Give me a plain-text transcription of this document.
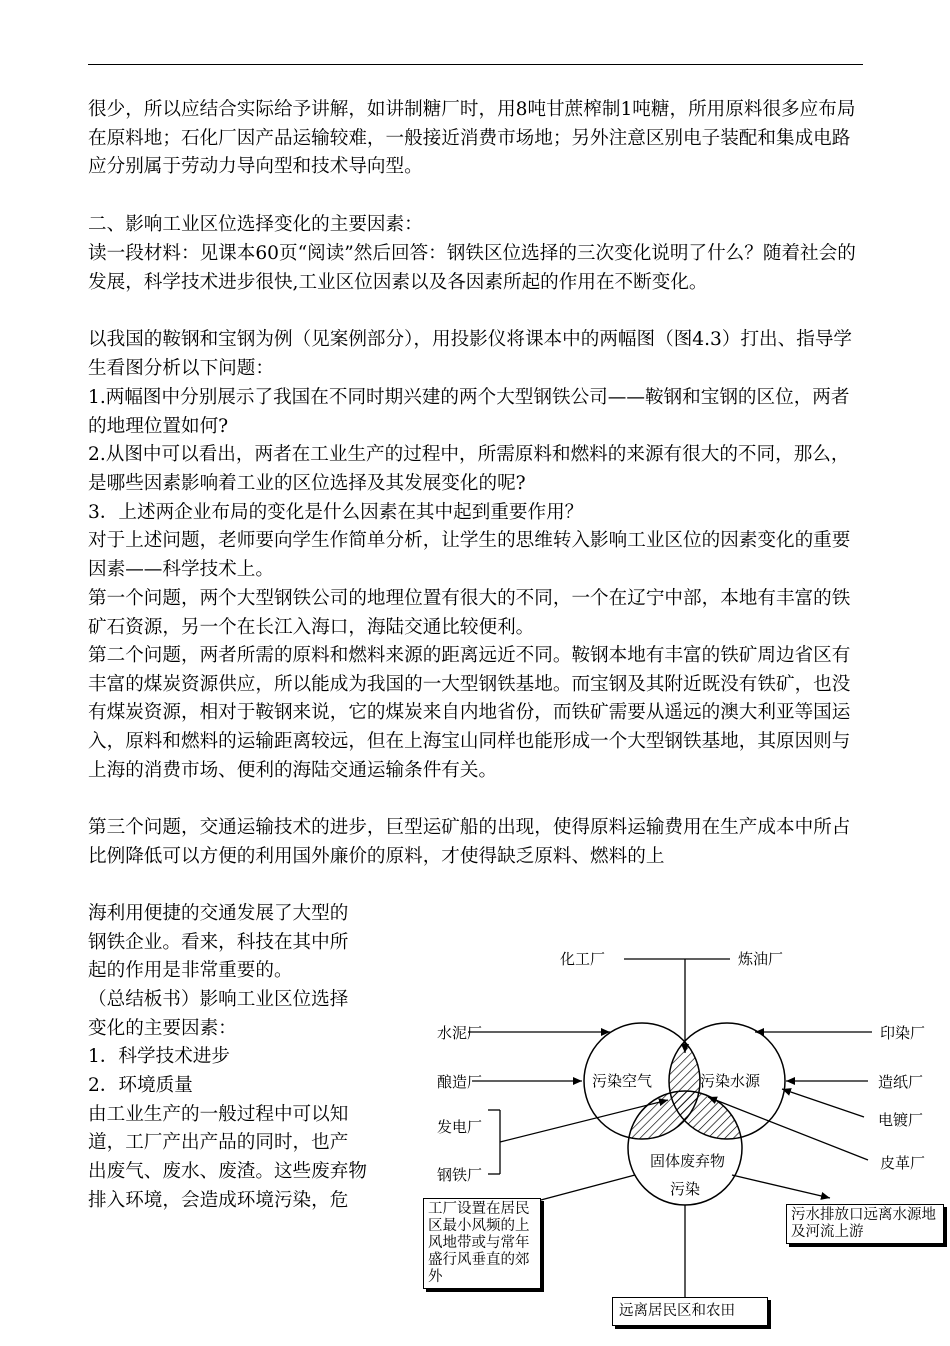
很少，所以应结合实际给予讲解，如讲制糖厂时，用8吨甘蔗榨制1吨糖，所用原料很多应布局在原料地；石化厂因产品运输较难，一般接近消费市场地；另外注意区别电子装配和集成电路应分别属于劳动力导向型和技术导向型。

二、影响工业区位选择变化的主要因素：

读一段材料：见课本60页“阅读”然后回答：钢铁区位选择的三次变化说明了什么？随着社会的发展，科学技术进步很快,工业区位因素以及各因素所起的作用在不断变化。

以我国的鞍钢和宝钢为例（见案例部分），用投影仪将课本中的两幅图（图4.3）打出、指导学生看图分析以下问题：

1.两幅图中分别展示了我国在不同时期兴建的两个大型钢铁公司——鞍钢和宝钢的区位，两者的地理位置如何?

2.从图中可以看出，两者在工业生产的过程中，所需原料和燃料的来源有很大的不同，那么，是哪些因素影响着工业的区位选择及其发展变化的呢?

3．上述两企业布局的变化是什么因素在其中起到重要作用？

对于上述问题，老师要向学生作简单分析，让学生的思维转入影响工业区位的因素变化的重要因素——科学技术上。

第一个问题，两个大型钢铁公司的地理位置有很大的不同，一个在辽宁中部，本地有丰富的铁矿石资源，另一个在长江入海口，海陆交通比较便利。

第二个问题，两者所需的原料和燃料来源的距离远近不同。鞍钢本地有丰富的铁矿周边省区有丰富的煤炭资源供应，所以能成为我国的一大型钢铁基地。而宝钢及其附近既没有铁矿，也没有煤炭资源，相对于鞍钢来说，它的煤炭来自内地省份，而铁矿需要从遥远的澳大利亚等国运入，原料和燃料的运输距离较远，但在上海宝山同样也能形成一个大型钢铁基地，其原因则与上海的消费市场、便利的海陆交通运输条件有关。

第三个问题，交通运输技术的进步，巨型运矿船的出现，使得原料运输费用在生产成本中所占比例降低可以方便的利用国外廉价的原料，才使得缺乏原料、燃料的上

海利用便捷的交通发展了大型的

钢铁企业。看来，科技在其中所

起的作用是非常重要的。

（总结板书）影响工业区位选择

变化的主要因素：

1．科学技术进步

2．环境质量

由工业生产的一般过程中可以知

道，工厂产出产品的同时，也产

出废气、废水、废渣。这些废弃物

排入环境，会造成环境污染，危

化工厂	炼油厂
水泥厂
酿造厂
发电厂
钢铁厂
印染厂
造纸厂
电镀厂
皮革厂
污染空气	污染水源
固体废弃物
污染
工厂设置在居民区最小风频的上风地带或与常年盛行风垂直的郊外
污水排放口远离水源地及河流上游
远离居民区和农田
